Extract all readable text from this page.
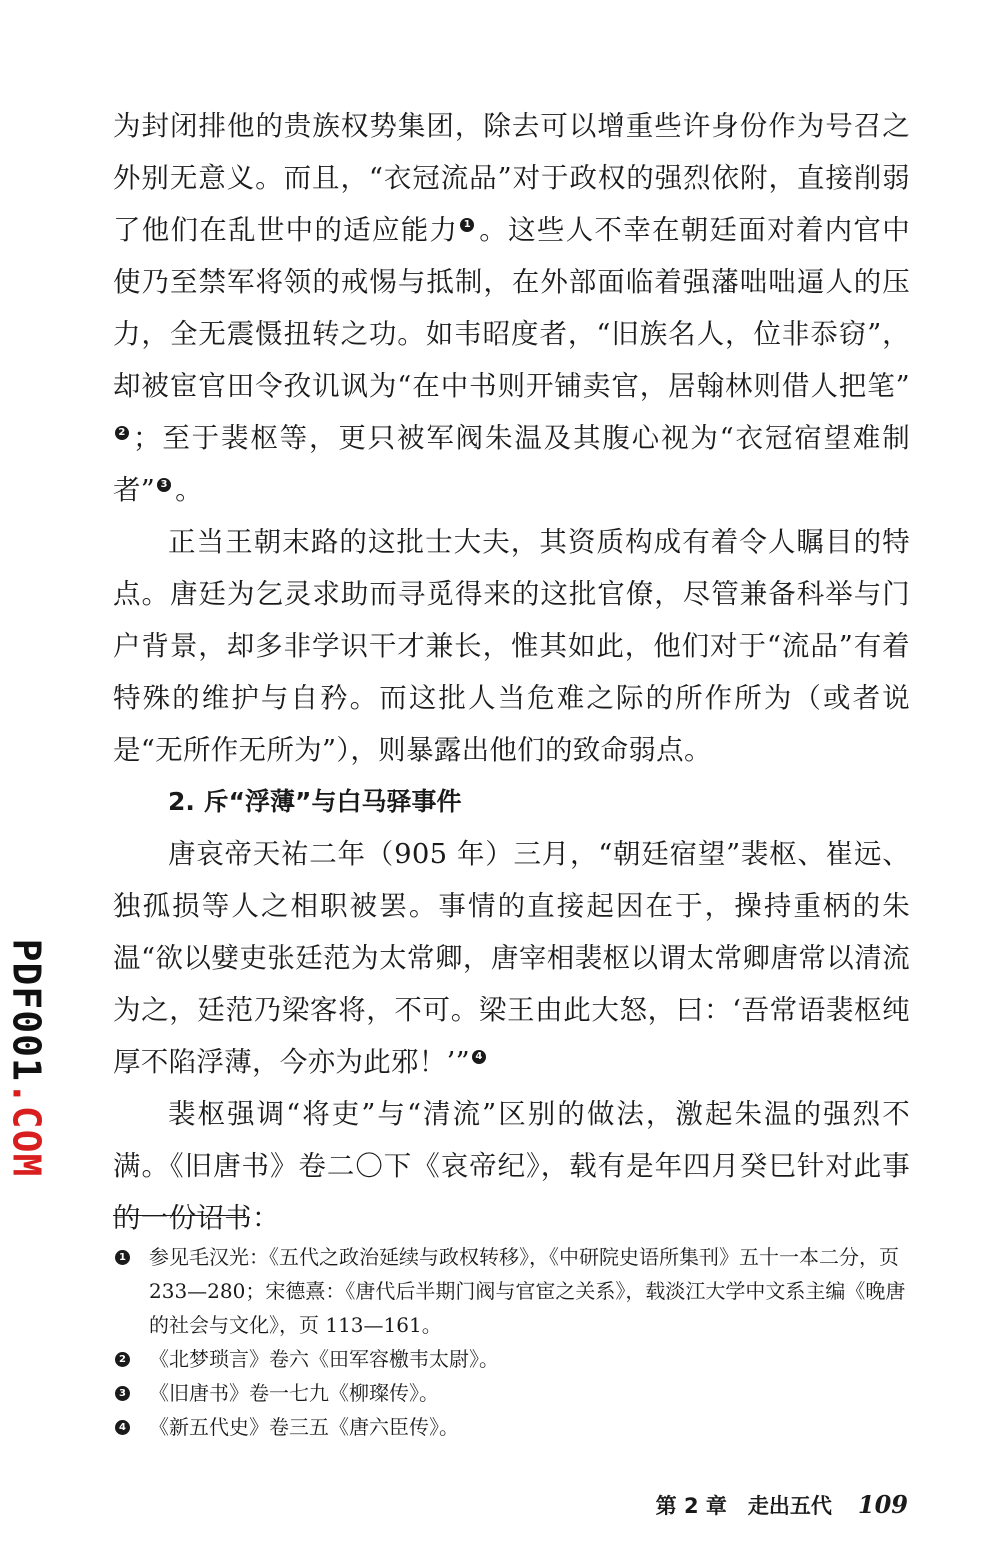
为封闭排他的贵族权势集团，除去可以增重些许身份作为号召之外别无意义。而且，“衣冠流品”对于政权的强烈依附，直接削弱了他们在乱世中的适应能力 1 。这些人不幸在朝廷面对着内官中使乃至禁军将领的戒惕与抵制，在外部面临着强藩咄咄逼人的压力，全无震慑扭转之功。如韦昭度者，“旧族名人，位非忝窃”，却被宦官田令孜讥讽为“在中书则开铺卖官，居翰林则借人把笔”2 ；至于裴枢等，更只被军阀朱温及其腹心视为“衣冠宿望难制者” 3 。

正当王朝末路的这批士大夫，其资质构成有着令人瞩目的特点。唐廷为乞灵求助而寻觅得来的这批官僚，尽管兼备科举与门户背景，却多非学识干才兼长，惟其如此，他们对于“流品”有着特殊的维护与自矜。而这批人当危难之际的所作所为（或者说是“无所作无所为”），则暴露出他们的致命弱点。

2. 斥“浮薄”与白马驿事件

唐哀帝天祐二年（905 年）三月，“朝廷宿望”裴枢、崔远、独孤损等人之相职被罢。事情的直接起因在于，操持重柄的朱温“欲以嬖吏张廷范为太常卿，唐宰相裴枢以谓太常卿唐常以清流为之，廷范乃梁客将，不可。梁王由此大怒，曰：‘吾常语裴枢纯厚不陷浮薄，今亦为此邪！’” 4

裴枢强调“将吏”与“清流”区别的做法，激起朱温的强烈不满。《旧唐书》卷二〇下《哀帝纪》，载有是年四月癸巳针对此事的一份诏书：

1 参见毛汉光：《五代之政治延续与政权转移》，《中研院史语所集刊》五十一本二分，页 233—280；宋德熹：《唐代后半期门阀与官宦之关系》，载淡江大学中文系主编《晚唐的社会与文化》，页 113—161。

2 《北梦琐言》卷六《田军容檄韦太尉》。

3 《旧唐书》卷一七九《柳璨传》。

4 《新五代史》卷三五《唐六臣传》。

第 2 章　走出五代 109
PDF001.COM
